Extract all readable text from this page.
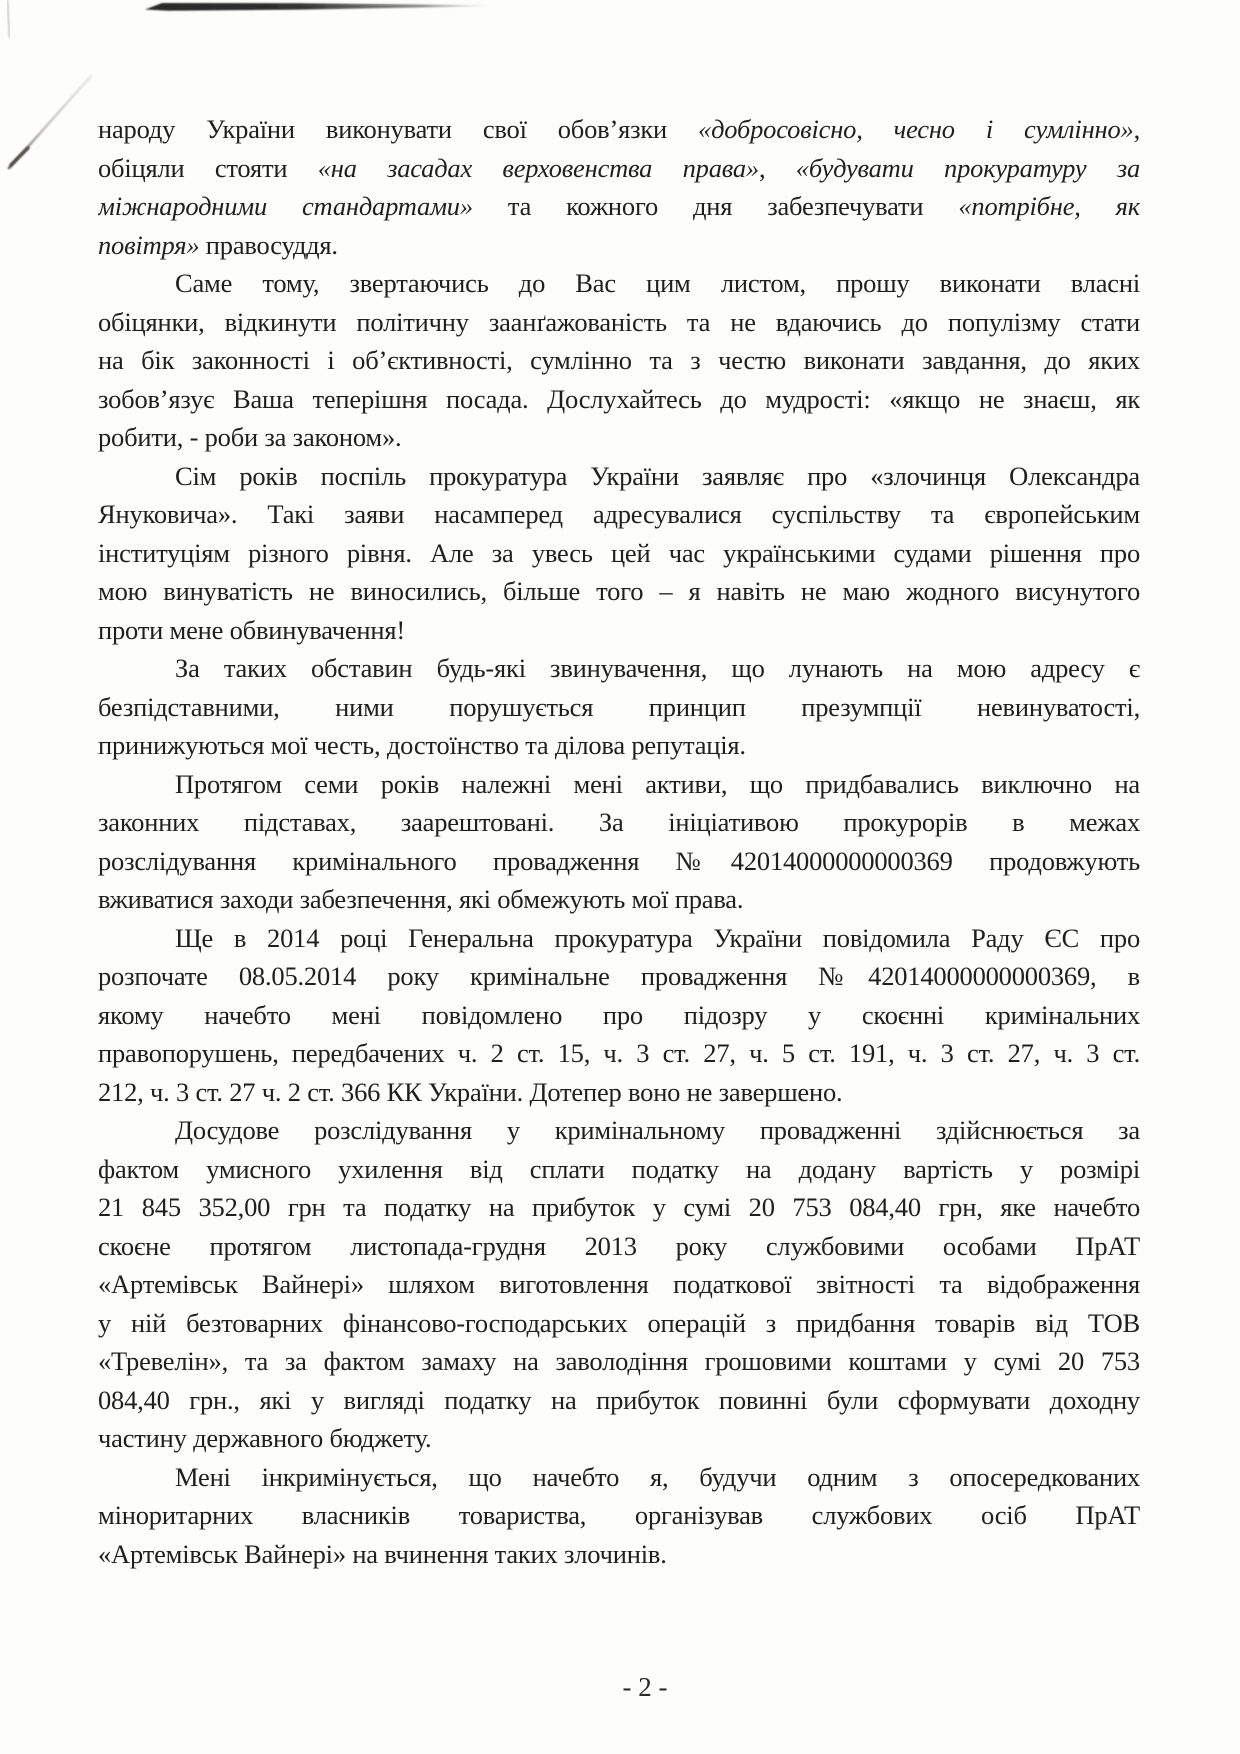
народу України виконувати свої обов’язки «добросовісно, чесно і сумлінно»,
обіцяли стояти «на засадах верховенства права», «будувати прокуратуру за
міжнародними стандартами» та кожного дня забезпечувати «потрібне, як
повітря» правосуддя.
Саме тому, звертаючись до Вас цим листом, прошу виконати власні
обіцянки, відкинути політичну заанґажованість та не вдаючись до популізму стати
на бік законності і об’єктивності, сумлінно та з честю виконати завдання, до яких
зобов’язує Ваша теперішня посада. Дослухайтесь до мудрості: «якщо не знаєш, як
робити, - роби за законом».
Сім років поспіль прокуратура України заявляє про «злочинця Олександра
Януковича». Такі заяви насамперед адресувалися суспільству та європейським
інституціям різного рівня. Але за увесь цей час українськими судами рішення про
мою винуватість не виносились, більше того – я навіть не маю жодного висунутого
проти мене обвинувачення!
За таких обставин будь-які звинувачення, що лунають на мою адресу є
безпідставними, ними порушується принцип презумпції невинуватості,
принижуються мої честь, достоїнство та ділова репутація.
Протягом семи років належні мені активи, що придбавались виключно на
законних підставах, заарештовані. За ініціативою прокурорів в межах
розслідування кримінального провадження №42014000000000369 продовжують
вживатися заходи забезпечення, які обмежують мої права.
Ще в 2014 році Генеральна прокуратура України повідомила Раду ЄС про
розпочате 08.05.2014 року кримінальне провадження №42014000000000369, в
якому начебто мені повідомлено про підозру у скоєнні кримінальних
правопорушень, передбачених ч. 2 ст. 15, ч. 3 ст. 27, ч. 5 ст. 191, ч. 3 ст. 27, ч. 3 ст.
212, ч. 3 ст. 27 ч. 2 ст. 366 КК України. Дотепер воно не завершено.
Досудове розслідування у кримінальному провадженні здійснюється за
фактом умисного ухилення від сплати податку на додану вартість у розмірі
21 845 352,00 грн та податку на прибуток у сумі 20 753 084,40 грн, яке начебто
скоєне протягом листопада-грудня 2013 року службовими особами ПрАТ
«Артемівськ Вайнері» шляхом виготовлення податкової звітності та відображення
у ній безтоварних фінансово-господарських операцій з придбання товарів від ТОВ
«Тревелін», та за фактом замаху на заволодіння грошовими коштами у сумі 20 753
084,40 грн., які у вигляді податку на прибуток повинні були сформувати доходну
частину державного бюджету.
Мені інкримінується, що начебто я, будучи одним з опосередкованих
міноритарних власників товариства, організував службових осіб ПрАТ
«Артемівськ Вайнері» на вчинення таких злочинів.
- 2 -
